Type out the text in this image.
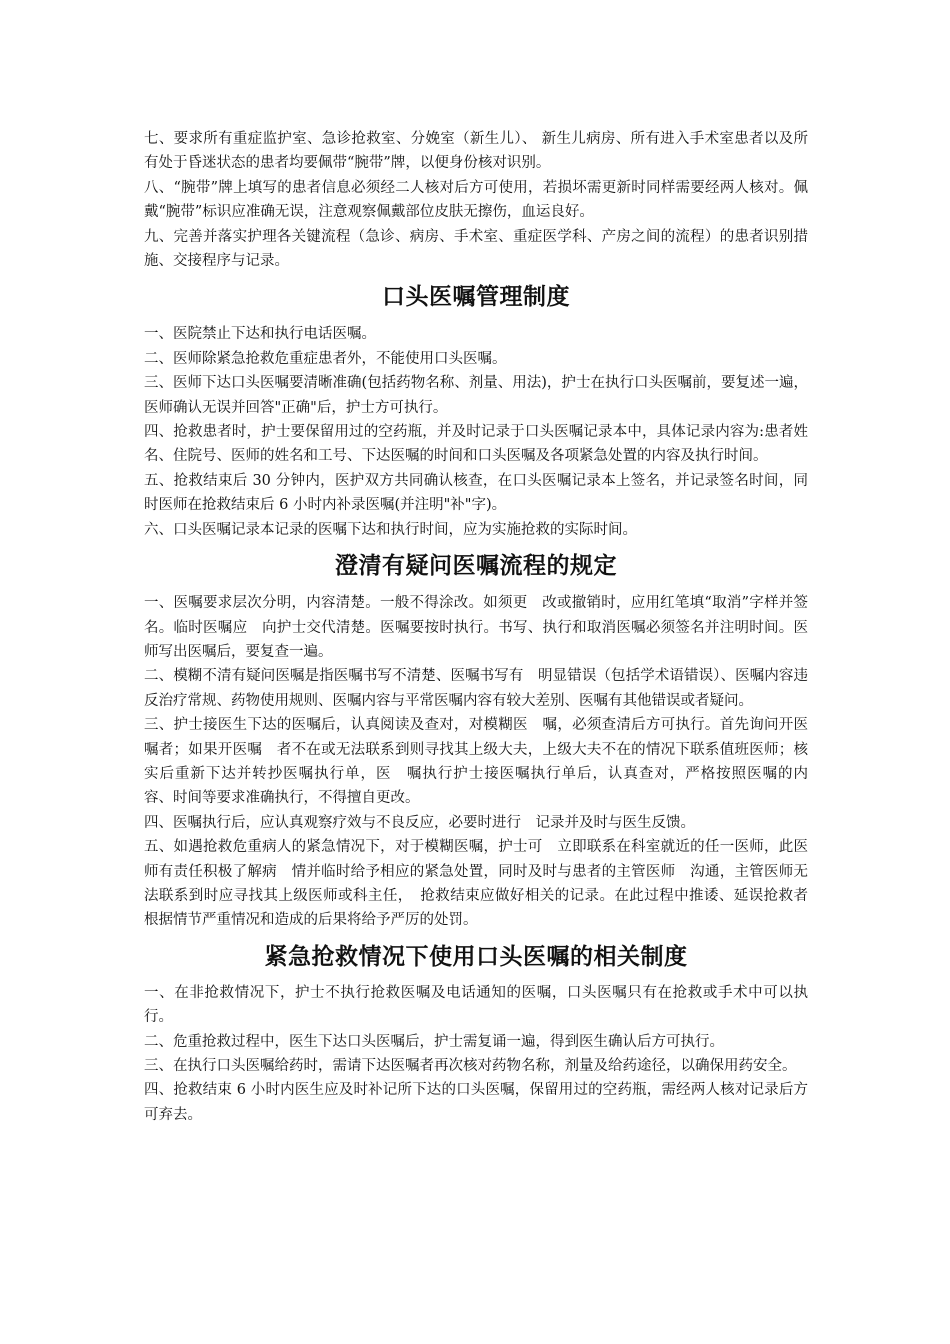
七、要求所有重症监护室、急诊抢救室、分娩室（新生儿）、 新生儿病房、所有进入手术室患者以及所有处于昏迷状态的患者均要佩带“腕带”牌，以便身份核对识别。

八、“腕带”牌上填写的患者信息必须经二人核对后方可使用，若损坏需更新时同样需要经两人核对。佩戴“腕带”标识应准确无误，注意观察佩戴部位皮肤无擦伤，血运良好。

九、完善并落实护理各关键流程（急诊、病房、手术室、重症医学科、产房之间的流程）的患者识别措施、交接程序与记录。

口头医嘱管理制度

一、医院禁止下达和执行电话医嘱。

二、医师除紧急抢救危重症患者外，不能使用口头医嘱。

三、医师下达口头医嘱要清晰准确(包括药物名称、剂量、用法)，护士在执行口头医嘱前，要复述一遍，医师确认无误并回答"正确"后，护士方可执行。

四、抢救患者时，护士要保留用过的空药瓶，并及时记录于口头医嘱记录本中，具体记录内容为:患者姓名、住院号、医师的姓名和工号、下达医嘱的时间和口头医嘱及各项紧急处置的内容及执行时间。

五、抢救结束后 30 分钟内，医护双方共同确认核查，在口头医嘱记录本上签名，并记录签名时间，同时医师在抢救结束后 6 小时内补录医嘱(并注明"补"字)。

六、口头医嘱记录本记录的医嘱下达和执行时间，应为实施抢救的实际时间。

澄清有疑问医嘱流程的规定

一、医嘱要求层次分明，内容清楚。一般不得涂改。如须更　改或撤销时，应用红笔填“取消”字样并签名。临时医嘱应　向护士交代清楚。医嘱要按时执行。书写、执行和取消医嘱必须签名并注明时间。医师写出医嘱后，要复查一遍。

二、模糊不清有疑问医嘱是指医嘱书写不清楚、医嘱书写有　明显错误（包括学术语错误）、医嘱内容违反治疗常规、药物使用规则、医嘱内容与平常医嘱内容有较大差别、医嘱有其他错误或者疑问。

三、护士接医生下达的医嘱后，认真阅读及查对，对模糊医　嘱，必须查清后方可执行。首先询问开医嘱者；如果开医嘱　者不在或无法联系到则寻找其上级大夫，上级大夫不在的情况下联系值班医师；核实后重新下达并转抄医嘱执行单，医　嘱执行护士接医嘱执行单后，认真查对，严格按照医嘱的内　容、时间等要求准确执行，不得擅自更改。

四、医嘱执行后，应认真观察疗效与不良反应，必要时进行　记录并及时与医生反馈。

五、如遇抢救危重病人的紧急情况下，对于模糊医嘱，护士可　立即联系在科室就近的任一医师，此医师有责任积极了解病　情并临时给予相应的紧急处置，同时及时与患者的主管医师　沟通，主管医师无法联系到时应寻找其上级医师或科主任，　抢救结束应做好相关的记录。在此过程中推诿、延误抢救者　根据情节严重情况和造成的后果将给予严厉的处罚。

紧急抢救情况下使用口头医嘱的相关制度

一、在非抢救情况下，护士不执行抢救医嘱及电话通知的医嘱，口头医嘱只有在抢救或手术中可以执行。

二、危重抢救过程中，医生下达口头医嘱后，护士需复诵一遍，得到医生确认后方可执行。

三、在执行口头医嘱给药时，需请下达医嘱者再次核对药物名称，剂量及给药途径，以确保用药安全。

四、抢救结束 6 小时内医生应及时补记所下达的口头医嘱，保留用过的空药瓶，需经两人核对记录后方可弃去。
